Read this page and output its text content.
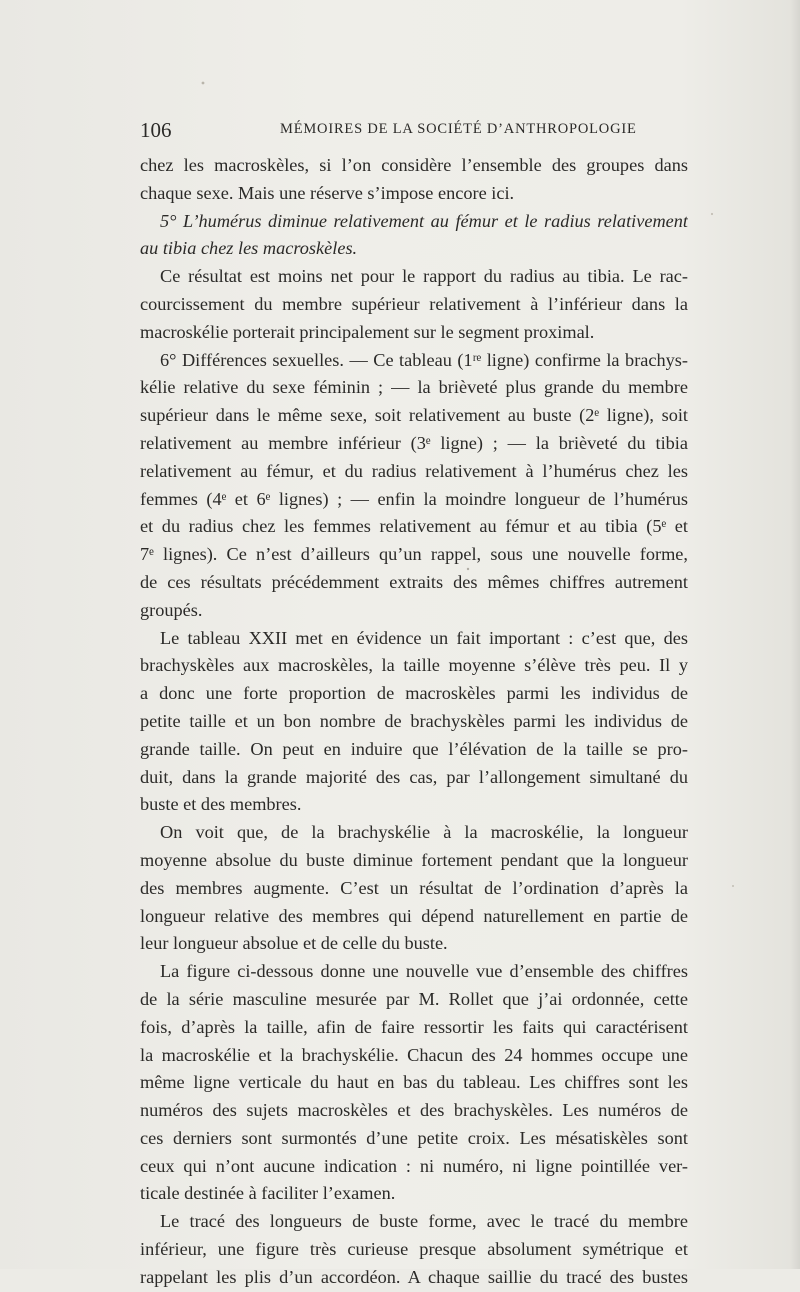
106	MÉMOIRES DE LA SOCIÉTÉ D’ANTHROPOLOGIE
chez les macroskèles, si l’on considère l’ensemble des groupes dans
chaque sexe. Mais une réserve s’impose encore ici.
5° L’humérus diminue relativement au fémur et le radius relativement
au tibia chez les macroskèles.
Ce résultat est moins net pour le rapport du radius au tibia. Le rac-
courcissement du membre supérieur relativement à l’inférieur dans la
macroskélie porterait principalement sur le segment proximal.
6° Différences sexuelles. — Ce tableau (1ʳᵉ ligne) confirme la brachys-
kélie relative du sexe féminin ; — la brièveté plus grande du membre
supérieur dans le même sexe, soit relativement au buste (2ᵉ ligne), soit
relativement au membre inférieur (3ᵉ ligne) ; — la brièveté du tibia
relativement au fémur, et du radius relativement à l’humérus chez les
femmes (4ᵉ et 6ᵉ lignes) ; — enfin la moindre longueur de l’humérus
et du radius chez les femmes relativement au fémur et au tibia (5ᵉ et
7ᵉ lignes). Ce n’est d’ailleurs qu’un rappel, sous une nouvelle forme,
de ces résultats précédemment extraits des mêmes chiffres autrement
groupés.
Le tableau XXII met en évidence un fait important : c’est que, des
brachyskèles aux macroskèles, la taille moyenne s’élève très peu. Il y
a donc une forte proportion de macroskèles parmi les individus de
petite taille et un bon nombre de brachyskèles parmi les individus de
grande taille. On peut en induire que l’élévation de la taille se pro-
duit, dans la grande majorité des cas, par l’allongement simultané du
buste et des membres.
On voit que, de la brachyskélie à la macroskélie, la longueur
moyenne absolue du buste diminue fortement pendant que la longueur
des membres augmente. C’est un résultat de l’ordination d’après la
longueur relative des membres qui dépend naturellement en partie de
leur longueur absolue et de celle du buste.
La figure ci-dessous donne une nouvelle vue d’ensemble des chiffres
de la série masculine mesurée par M. Rollet que j’ai ordonnée, cette
fois, d’après la taille, afin de faire ressortir les faits qui caractérisent
la macroskélie et la brachyskélie. Chacun des 24 hommes occupe une
même ligne verticale du haut en bas du tableau. Les chiffres sont les
numéros des sujets macroskèles et des brachyskèles. Les numéros de
ces derniers sont surmontés d’une petite croix. Les mésatiskèles sont
ceux qui n’ont aucune indication : ni numéro, ni ligne pointillée ver-
ticale destinée à faciliter l’examen.
Le tracé des longueurs de buste forme, avec le tracé du membre
inférieur, une figure très curieuse presque absolument symétrique et
rappelant les plis d’un accordéon. A chaque saillie du tracé des bustes
